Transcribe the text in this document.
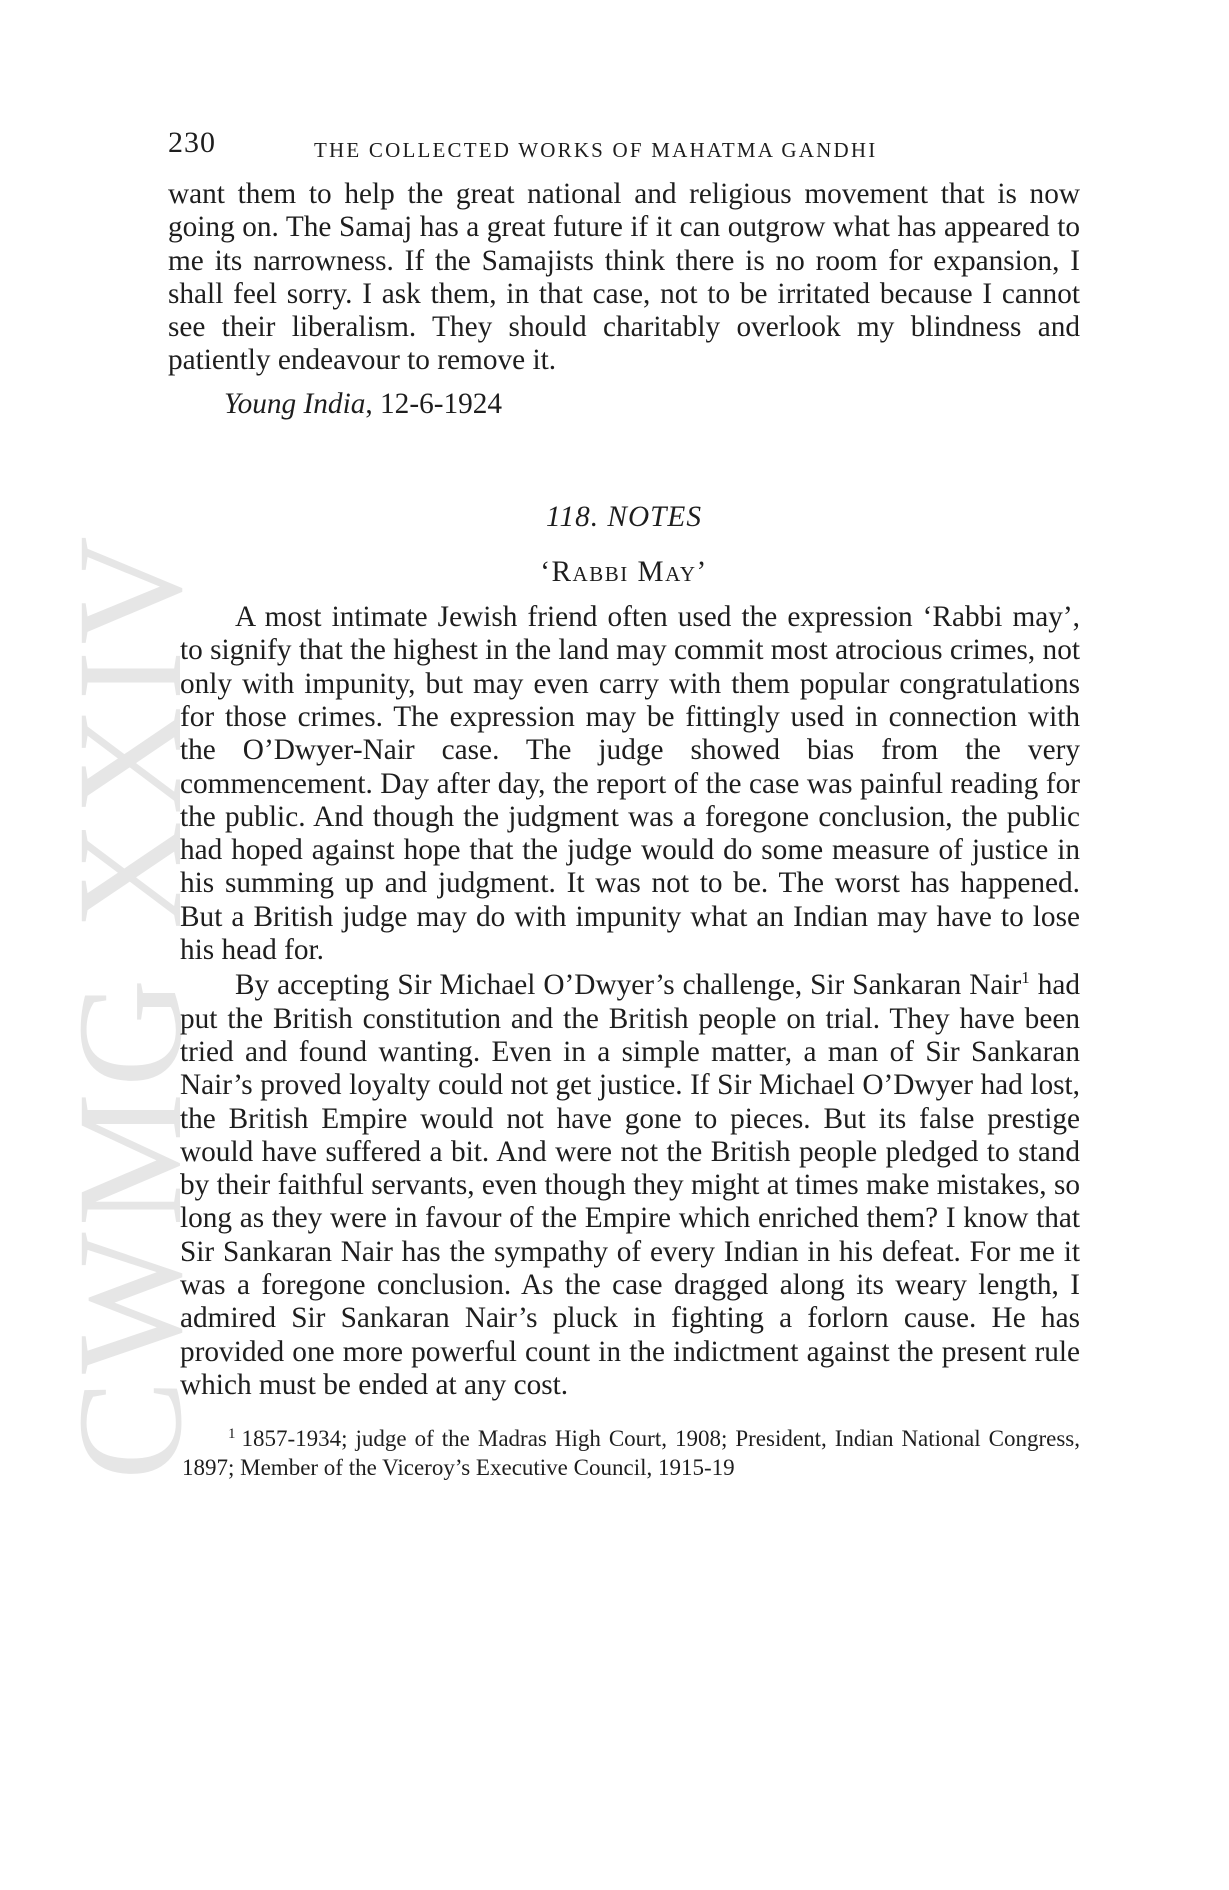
CWMG XXIV
230	THE COLLECTED WORKS OF MAHATMA GANDHI

want them to help the great national and religious movement that is now going on. The Samaj has a great future if it can outgrow what has appeared to me its narrowness. If the Samajists think there is no room for expansion, I shall feel sorry. I ask them, in that case, not to be irritated because I cannot see their liberalism. They should charitably overlook my blindness and patiently endeavour to remove it.

Young India, 12-6-1924
118. NOTES
‘Rabbi May’

A most intimate Jewish friend often used the expression ‘Rabbi may’, to signify that the highest in the land may commit most atrocious crimes, not only with impunity, but may even carry with them popular congratulations for those crimes. The expression may be fittingly used in connection with the O’Dwyer-Nair case. The judge showed bias from the very commencement. Day after day, the report of the case was painful reading for the public. And though the judgment was a foregone conclusion, the public had hoped against hope that the judge would do some measure of justice in his summing up and judgment. It was not to be. The worst has happened. But a British judge may do with impunity what an Indian may have to lose his head for.

By accepting Sir Michael O’Dwyer’s challenge, Sir Sankaran Nair$^1$ had put the British constitution and the British people on trial. They have been tried and found wanting. Even in a simple matter, a man of Sir Sankaran Nair’s proved loyalty could not get justice. If Sir Michael O’Dwyer had lost, the British Empire would not have gone to pieces. But its false prestige would have suffered a bit. And were not the British people pledged to stand by their faithful servants, even though they might at times make mistakes, so long as they were in favour of the Empire which enriched them? I know that Sir Sankaran Nair has the sympathy of every Indian in his defeat. For me it was a foregone conclusion. As the case dragged along its weary length, I admired Sir Sankaran Nair’s pluck in fighting a forlorn cause. He has provided one more powerful count in the indictment against the present rule which must be ended at any cost.

$^1$ 1857-1934; judge of the Madras High Court, 1908; President, Indian National Congress, 1897; Member of the Viceroy’s Executive Council, 1915-19
